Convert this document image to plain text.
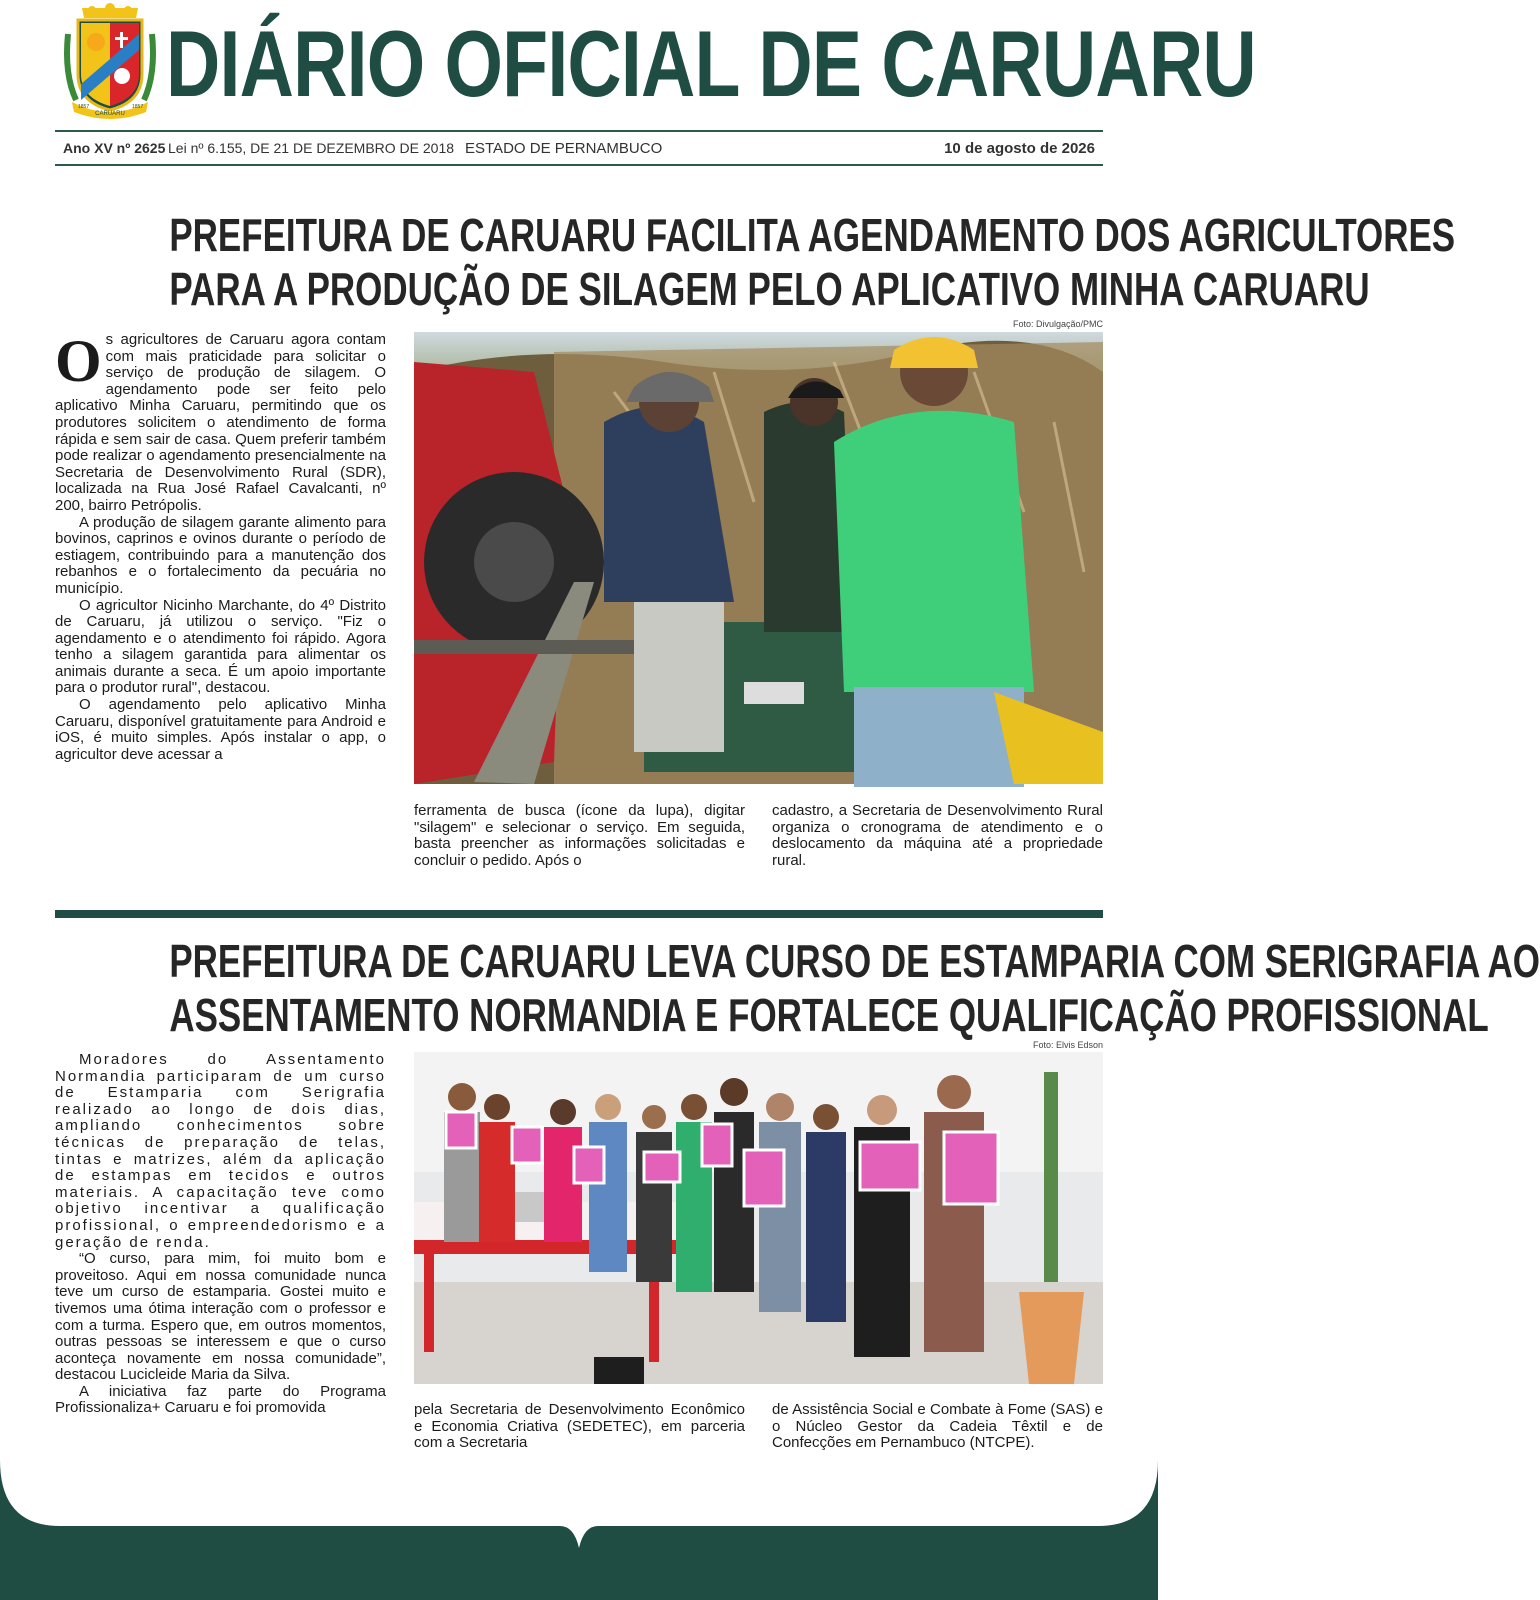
CARUARU
1857	1857 DIÁRIO OFICIAL DE CARUARU
Ano XV nº 2625 Lei nº 6.155, DE 21 DE DEZEMBRO DE 2018 ESTADO DE PERNAMBUCO	10 de agosto de 2026
PREFEITURA DE CARUARU FACILITA AGENDAMENTO DOS AGRICULTORES
PARA A PRODUÇÃO DE SILAGEM PELO APLICATIVO MINHA CARUARU
Foto: Divulgação/PMC

Os agricultores de Caruaru agora contam com mais praticidade para solicitar o serviço de produção de silagem. O agendamento pode ser feito pelo aplicativo Minha Caruaru, permitindo que os produtores solicitem o atendimento de forma rápida e sem sair de casa. Quem preferir também pode realizar o agendamento presencialmente na Secretaria de Desenvolvimento Rural (SDR), localizada na Rua José Rafael Cavalcanti, nº 200, bairro Petrópolis.

A produção de silagem garante alimento para bovinos, caprinos e ovinos durante o período de estiagem, contribuindo para a manutenção dos rebanhos e o fortalecimento da pecuária no município.

O agricultor Nicinho Marchante, do 4º Distrito de Caruaru, já utilizou o serviço. "Fiz o agendamento e o atendimento foi rápido. Agora tenho a silagem garantida para alimentar os animais durante a seca. É um apoio importante para o produtor rural", destacou.

O agendamento pelo aplicativo Minha Caruaru, disponível gratuitamente para Android e iOS, é muito simples. Após instalar o app, o agricultor deve acessar a

ferramenta de busca (ícone da lupa), digitar "silagem" e selecionar o serviço. Em seguida, basta preencher as informações solicitadas e concluir o pedido. Após o

cadastro, a Secretaria de Desenvolvimento Rural organiza o cronograma de atendimento e o deslocamento da máquina até a propriedade rural.

PREFEITURA DE CARUARU LEVA CURSO DE ESTAMPARIA COM SERIGRAFIA AO
ASSENTAMENTO NORMANDIA E FORTALECE QUALIFICAÇÃO PROFISSIONAL
Foto: Elvis Edson

Moradores do Assentamento Normandia participaram de um curso de Estamparia com Serigrafia realizado ao longo de dois dias, ampliando conhecimentos sobre técnicas de preparação de telas, tintas e matrizes, além da aplicação de estampas em tecidos e outros materiais. A capacitação teve como objetivo incentivar a qualificação profissional, o empreendedorismo e a geração de renda.

“O curso, para mim, foi muito bom e proveitoso. Aqui em nossa comunidade nunca teve um curso de estamparia. Gostei muito e tivemos uma ótima interação com o professor e com a turma. Espero que, em outros momentos, outras pessoas se interessem e que o curso aconteça novamente em nossa comunidade”, destacou Lucicleide Maria da Silva.

A iniciativa faz parte do Programa Profissionaliza+ Caruaru e foi promovida	pela Secretaria de Desenvolvimento Econômico e Economia Criativa (SEDETEC), em parceria com a Secretaria

de Assistência Social e Combate à Fome (SAS) e o Núcleo Gestor da Cadeia Têxtil e de Confecções em Pernambuco (NTCPE).
